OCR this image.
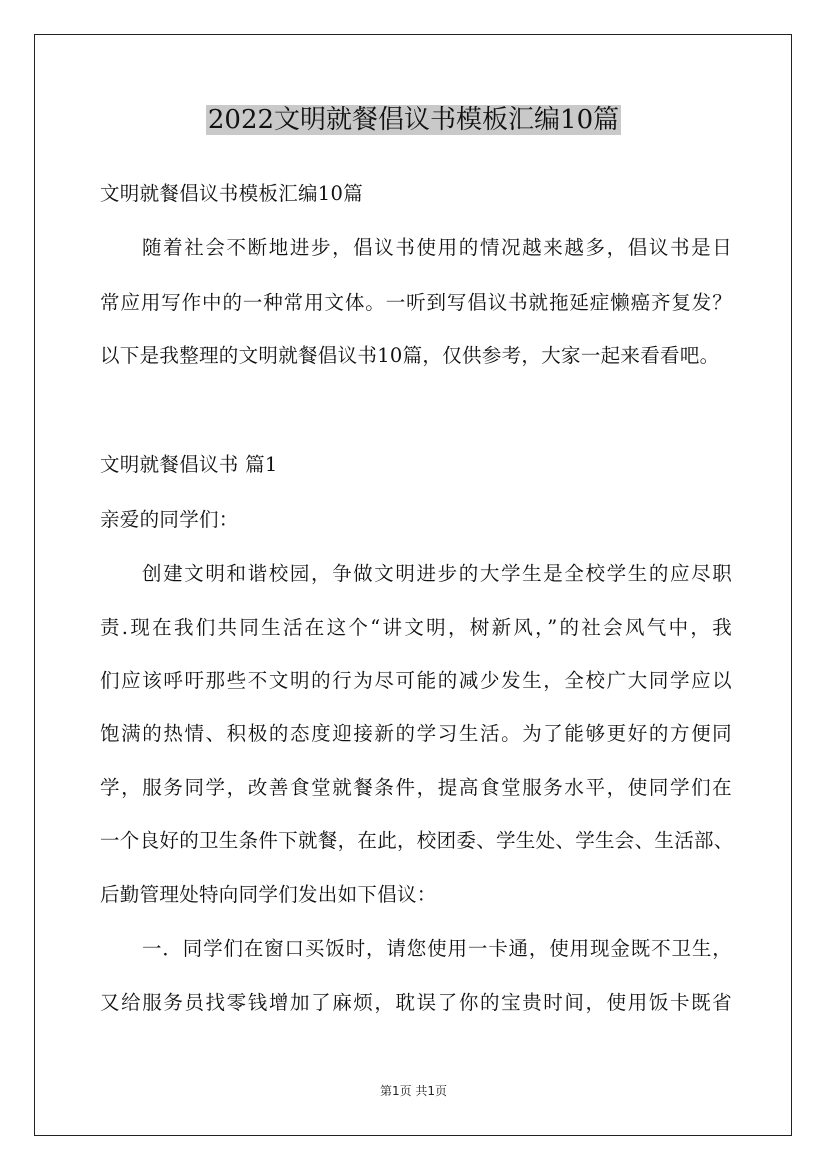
2022文明就餐倡议书模板汇编10篇
文明就餐倡议书模板汇编10篇
随着社会不断地进步，倡议书使用的情况越来越多，倡议书是日
常应用写作中的一种常用文体。一听到写倡议书就拖延症懒癌齐复发？
以下是我整理的文明就餐倡议书10篇，仅供参考，大家一起来看看吧。
文明就餐倡议书 篇1
亲爱的同学们：
创建文明和谐校园，争做文明进步的大学生是全校学生的应尽职
责.现在我们共同生活在这个“讲文明，树新风，”的社会风气中，我
们应该呼吁那些不文明的行为尽可能的减少发生，全校广大同学应以
饱满的热情、积极的态度迎接新的学习生活。为了能够更好的方便同
学，服务同学，改善食堂就餐条件，提高食堂服务水平，使同学们在
一个良好的卫生条件下就餐，在此，校团委、学生处、学生会、生活部、
后勤管理处特向同学们发出如下倡议：
一．同学们在窗口买饭时，请您使用一卡通，使用现金既不卫生，
又给服务员找零钱增加了麻烦，耽误了你的宝贵时间，使用饭卡既省
第1页 共1页
